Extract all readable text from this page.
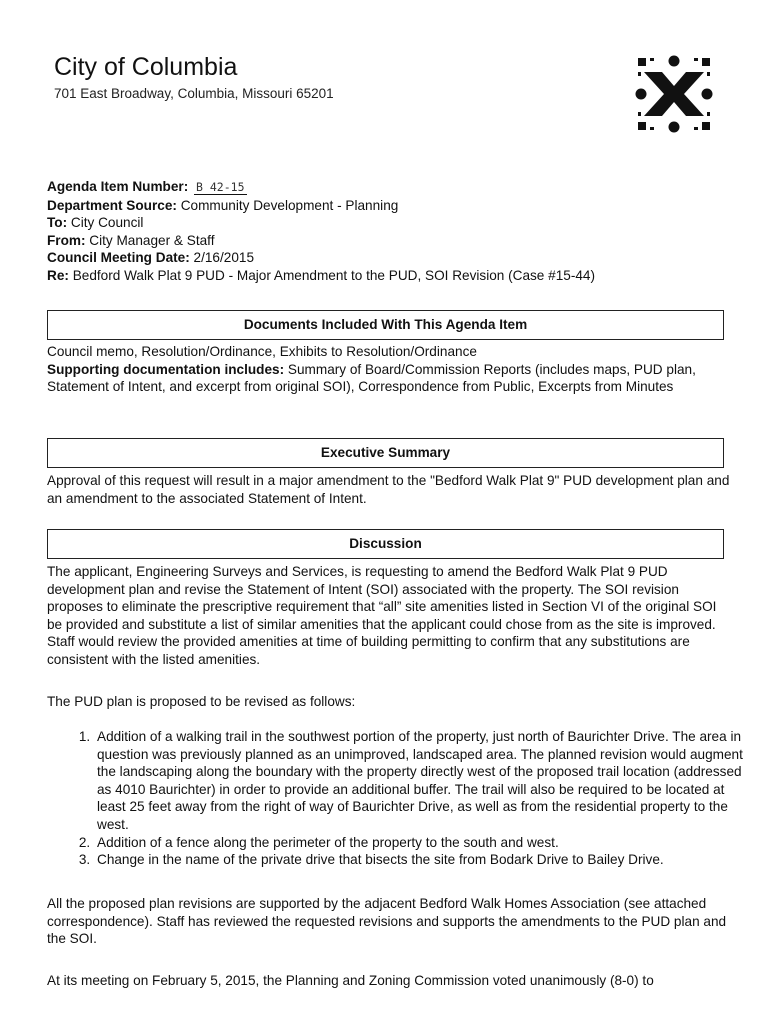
City of Columbia
701 East Broadway, Columbia, Missouri 65201
Agenda Item Number: B 42-15
Department Source: Community Development - Planning
To: City Council
From: City Manager & Staff
Council Meeting Date: 2/16/2015
Re: Bedford Walk Plat 9 PUD - Major Amendment to the PUD, SOI Revision (Case #15-44)
Documents Included With This Agenda Item

Council memo, Resolution/Ordinance, Exhibits to Resolution/Ordinance

Supporting documentation includes: Summary of Board/Commission Reports (includes maps, PUD plan, Statement of Intent, and excerpt from original SOI), Correspondence from Public, Excerpts from Minutes

Executive Summary
Approval of this request will result in a major amendment to the "Bedford Walk Plat 9" PUD development plan and an amendment to the associated Statement of Intent.
Discussion
The applicant, Engineering Surveys and Services, is requesting to amend the Bedford Walk Plat 9 PUD development plan and revise the Statement of Intent (SOI) associated with the property. The SOI revision proposes to eliminate the prescriptive requirement that “all” site amenities listed in Section VI of the original SOI be provided and substitute a list of similar amenities that the applicant could chose from as the site is improved. Staff would review the provided amenities at time of building permitting to confirm that any substitutions are consistent with the listed amenities.
The PUD plan is proposed to be revised as follows:
1. Addition of a walking trail in the southwest portion of the property, just north of Baurichter Drive. The area in question was previously planned as an unimproved, landscaped area. The planned revision would augment the landscaping along the boundary with the property directly west of the proposed trail location (addressed as 4010 Baurichter) in order to provide an additional buffer. The trail will also be required to be located at least 25 feet away from the right of way of Baurichter Drive, as well as from the residential property to the west.
2. Addition of a fence along the perimeter of the property to the south and west.
3. Change in the name of the private drive that bisects the site from Bodark Drive to Bailey Drive.
All the proposed plan revisions are supported by the adjacent Bedford Walk Homes Association (see attached correspondence). Staff has reviewed the requested revisions and supports the amendments to the PUD plan and the SOI.
At its meeting on February 5, 2015, the Planning and Zoning Commission voted unanimously (8-0) to
